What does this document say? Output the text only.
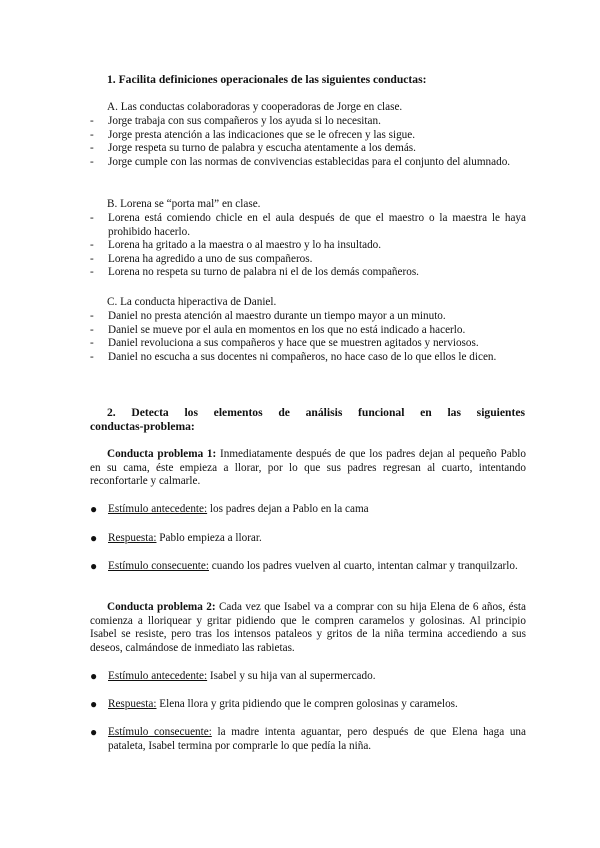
1. Facilita definiciones operacionales de las siguientes conductas:

A. Las conductas colaboradoras y cooperadoras de Jorge en clase.

- Jorge trabaja con sus compañeros y los ayuda si lo necesitan.
- Jorge presta atención a las indicaciones que se le ofrecen y las sigue.
- Jorge respeta su turno de palabra y escucha atentamente a los demás.
- Jorge cumple con las normas de convivencias establecidas para el conjunto del alumnado.

B. Lorena se “porta mal” en clase.

- Lorena está comiendo chicle en el aula después de que el maestro o la maestra le haya prohibido hacerlo.
- Lorena ha gritado a la maestra o al maestro y lo ha insultado.
- Lorena ha agredido a uno de sus compañeros.
- Lorena no respeta su turno de palabra ni el de los demás compañeros.

C. La conducta hiperactiva de Daniel.

- Daniel no presta atención al maestro durante un tiempo mayor a un minuto.
- Daniel se mueve por el aula en momentos en los que no está indicado a hacerlo.
- Daniel revoluciona a sus compañeros y hace que se muestren agitados y nerviosos.
- Daniel no escucha a sus docentes ni compañeros, no hace caso de lo que ellos le dicen.
2. Detecta los elementos de análisis funcional en las siguientes
conductas-problema:

Conducta problema 1: Inmediatamente después de que los padres dejan al pequeño Pablo en su cama, éste empieza a llorar, por lo que sus padres regresan al cuarto, intentando reconfortarle y calmarle.

● Estímulo antecedente: los padres dejan a Pablo en la cama
● Respuesta: Pablo empieza a llorar.
● Estímulo consecuente: cuando los padres vuelven al cuarto, intentan calmar y tranquilzarlo.

Conducta problema 2: Cada vez que Isabel va a comprar con su hija Elena de 6 años, ésta comienza a lloriquear y gritar pidiendo que le compren caramelos y golosinas. Al principio Isabel se resiste, pero tras los intensos pataleos y gritos de la niña termina accediendo a sus deseos, calmándose de inmediato las rabietas.

● Estímulo antecedente: Isabel y su hija van al supermercado.
● Respuesta: Elena llora y grita pidiendo que le compren golosinas y caramelos.
● Estímulo consecuente: la madre intenta aguantar, pero después de que Elena haga una pataleta, Isabel termina por comprarle lo que pedía la niña.
